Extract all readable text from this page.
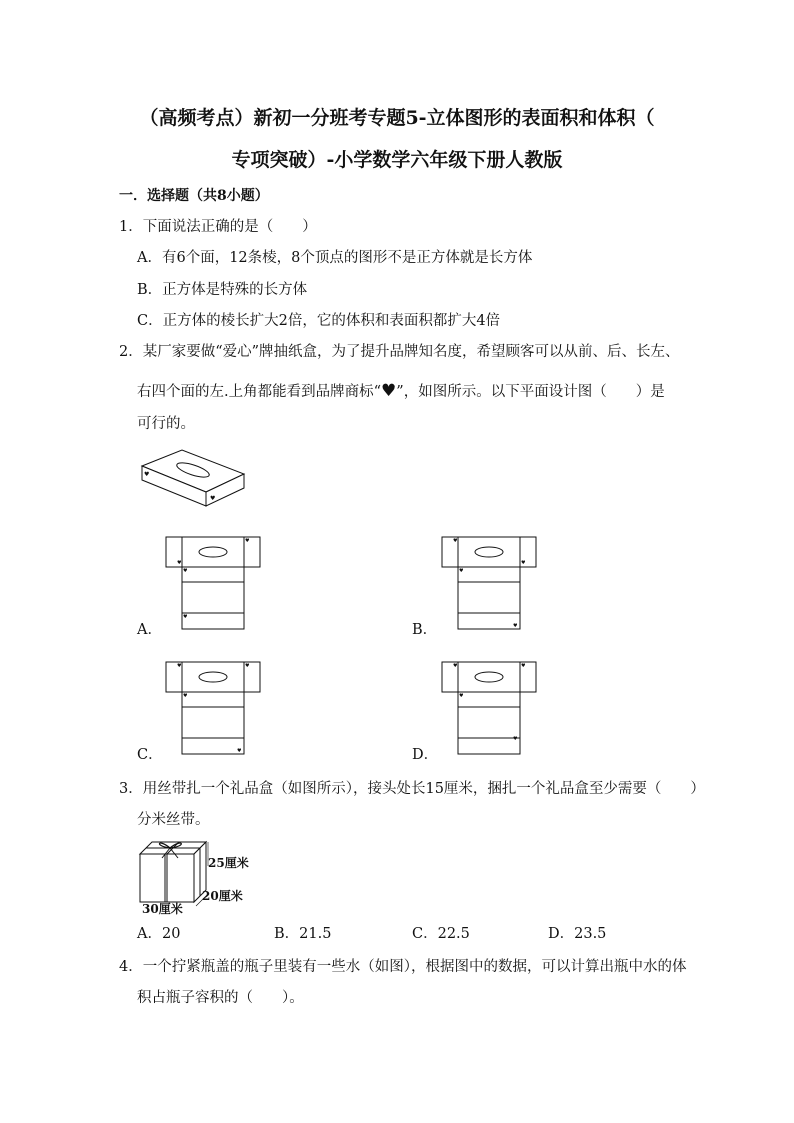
（高频考点）新初一分班考专题5-立体图形的表面积和体积（
专项突破）-小学数学六年级下册人教版
一．选择题（共8小题）
1．下面说法正确的是（　　）
A．有6个面，12条棱，8个顶点的图形不是正方体就是长方体
B．正方体是特殊的长方体
C．正方体的棱长扩大2倍，它的体积和表面积都扩大4倍
2．某厂家要做“爱心”牌抽纸盒，为了提升品牌知名度，希望顾客可以从前、后、长左、
右四个面的左.上角都能看到品牌商标“♥”，如图所示。以下平面设计图（　　）是
可行的。
♥
♥
♥
♥
♥
♥
A．
♥
♥
♥
♥
B．
♥	♥
♥
♥
C．
♥	♥
♥
♥
D．
3．用丝带扎一个礼品盒（如图所示），接头处长15厘米，捆扎一个礼品盒至少需要（　　）
分米丝带。
25厘米
20厘米
30厘米
A．20	B．21.5	C．22.5	D．23.5
4．一个拧紧瓶盖的瓶子里装有一些水（如图），根据图中的数据，可以计算出瓶中水的体
积占瓶子容积的（　　）。
